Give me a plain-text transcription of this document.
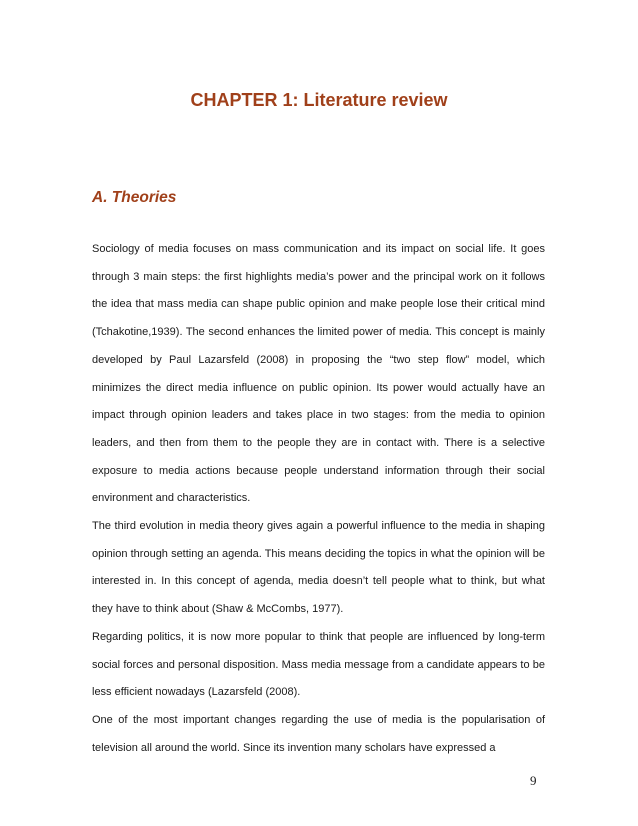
CHAPTER 1: Literature review
A. Theories

Sociology of media focuses on mass communication and its impact on social life. It goes through 3 main steps: the first highlights media’s power and the principal work on it follows the idea that mass media can shape public opinion and make people lose their critical mind (Tchakotine,1939). The second enhances the limited power of media. This concept is mainly developed by Paul Lazarsfeld (2008) in proposing the “two step flow” model, which minimizes the direct media influence on public opinion. Its power would actually have an impact through opinion leaders and takes place in two stages: from the media to opinion leaders, and then from them to the people they are in contact with. There is a selective exposure to media actions because people understand information through their social environment and characteristics.

The third evolution in media theory gives again a powerful influence to the media in shaping opinion through setting an agenda. This means deciding the topics in what the opinion will be interested in. In this concept of agenda, media doesn’t tell people what to think, but what they have to think about (Shaw & McCombs, 1977).

Regarding politics, it is now more popular to think that people are influenced by long-term social forces and personal disposition. Mass media message from a candidate appears to be less efficient nowadays (Lazarsfeld (2008).

One of the most important changes regarding the use of media is the popularisation of television all around the world. Since its invention many scholars have expressed a

9
